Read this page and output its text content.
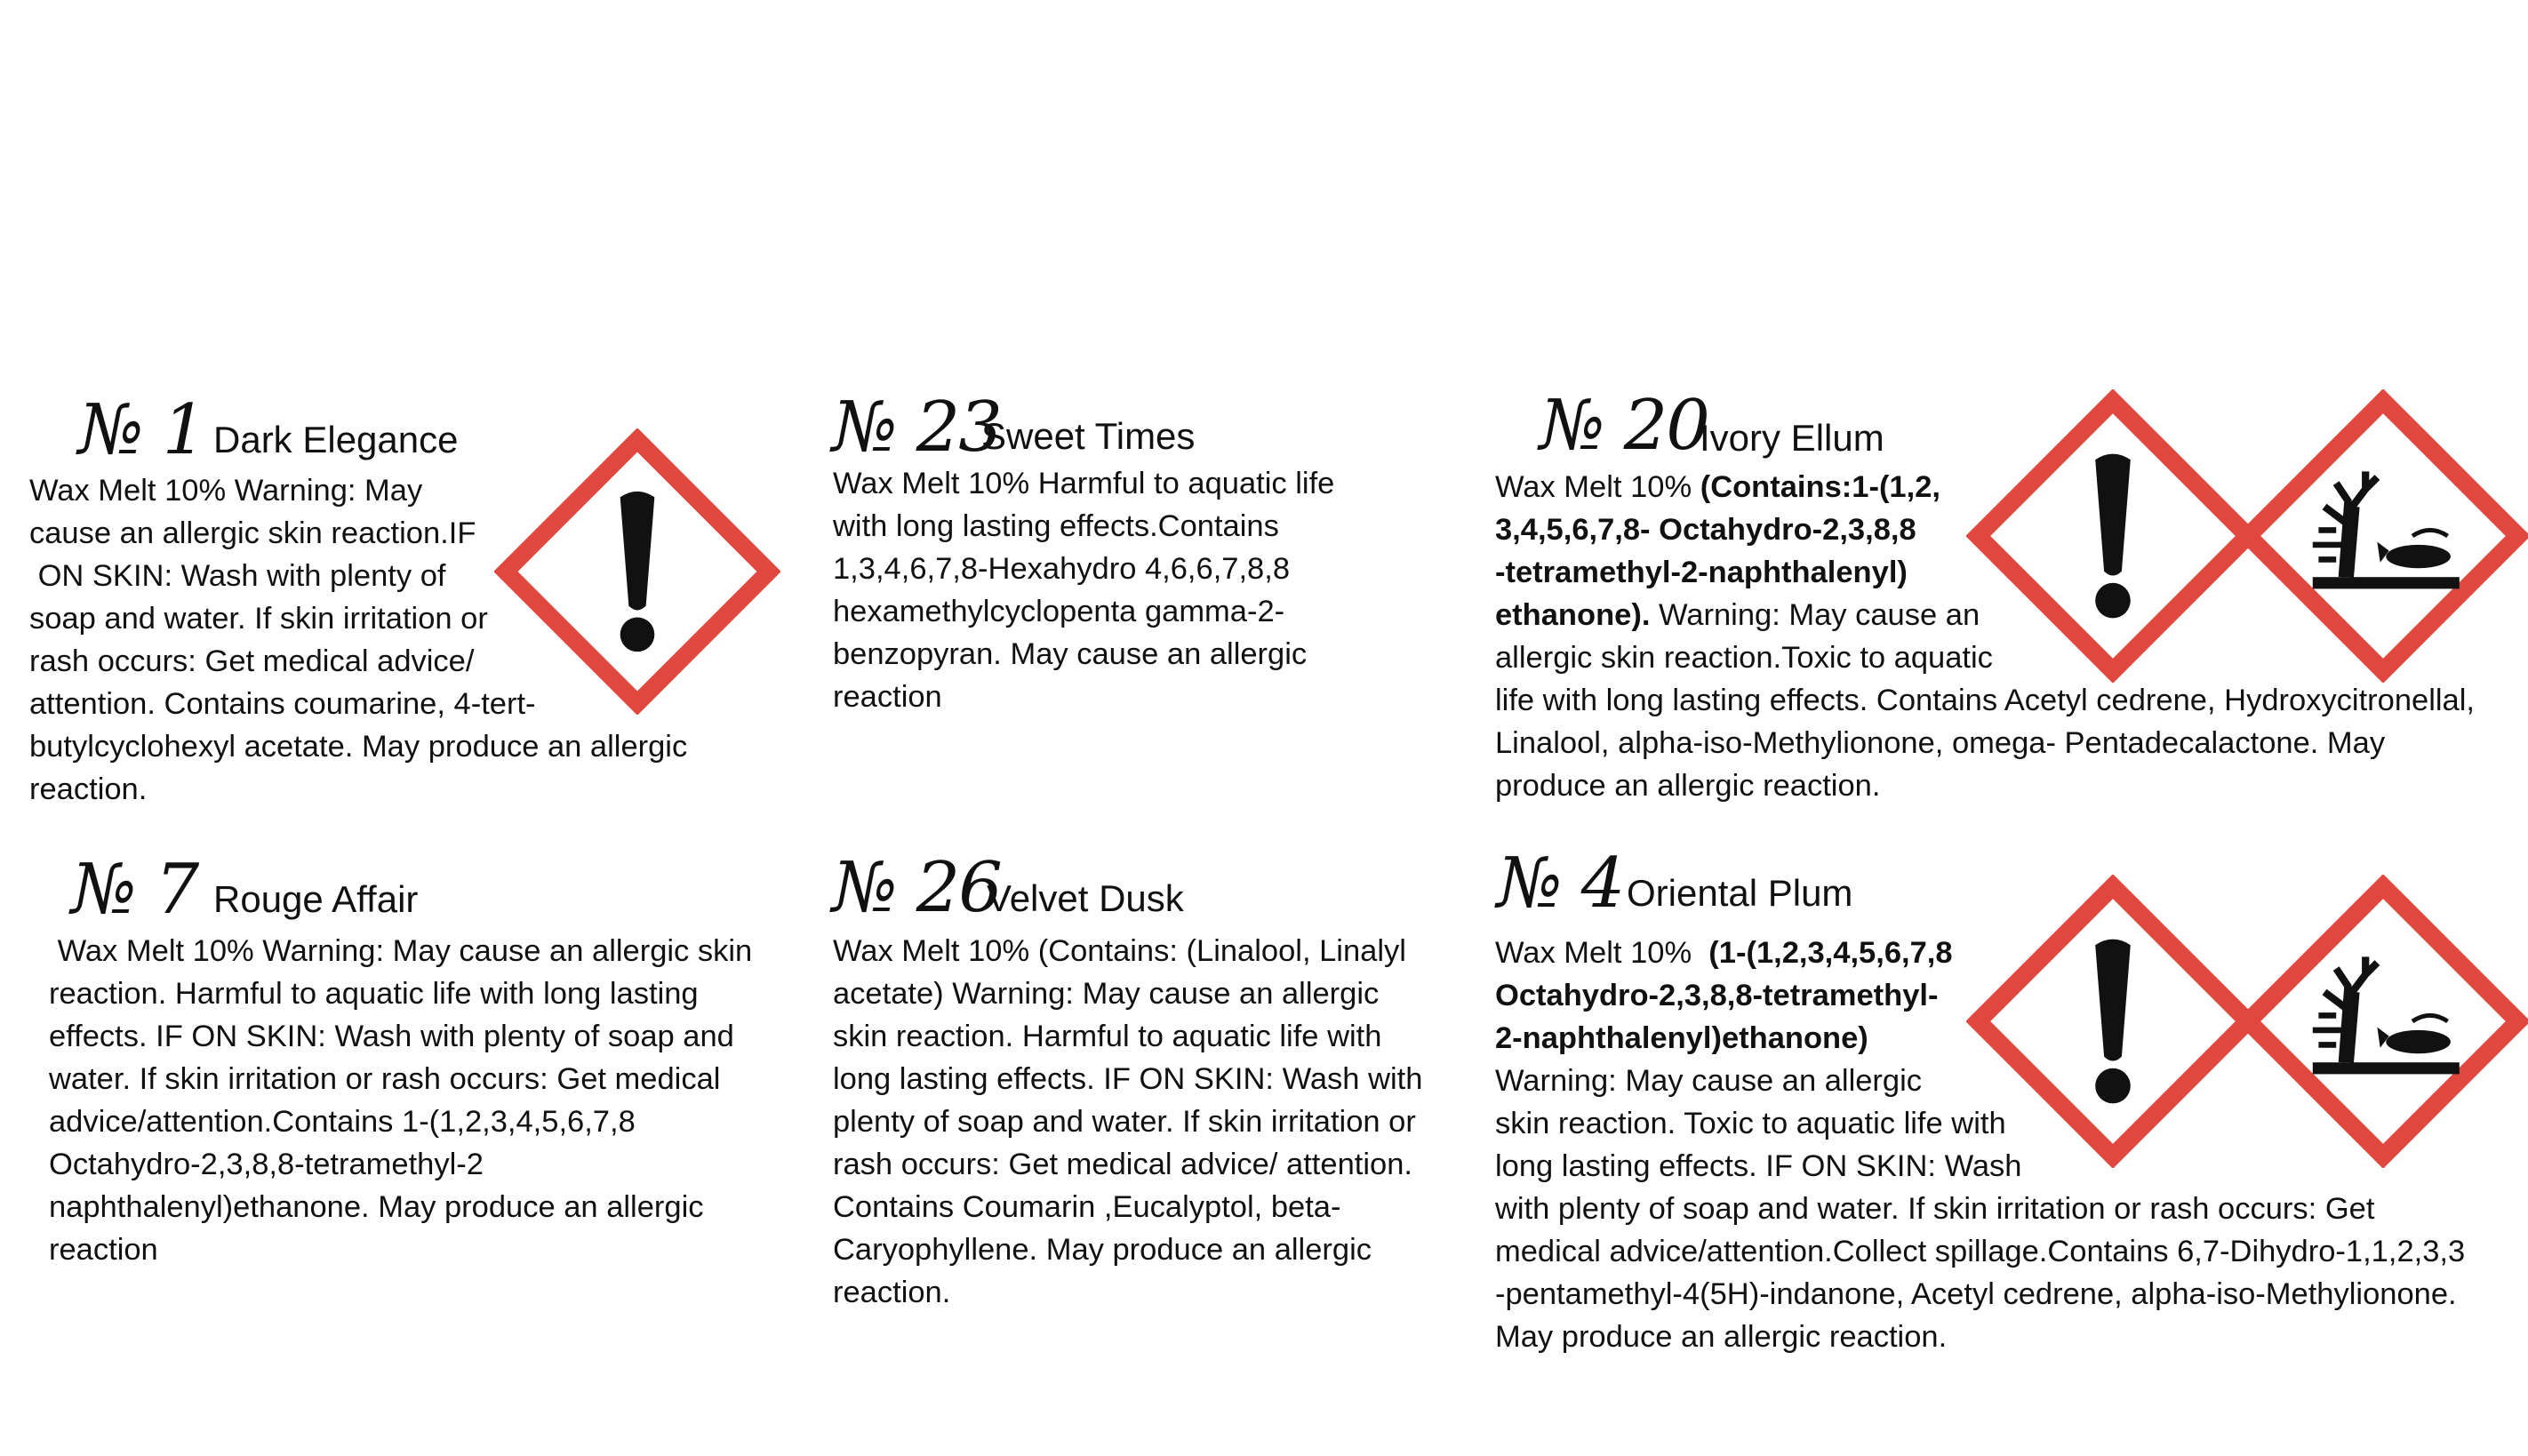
№ 1 Dark Elegance
Wax Melt 10% Warning: May
cause an allergic skin reaction.IF
ON SKIN: Wash with plenty of
soap and water. If skin irritation or
rash occurs: Get medical advice/
attention. Contains coumarine, 4-tert-
butylcyclohexyl acetate. May produce an allergic
reaction.
№ 23
Sweet Times
Wax Melt 10% Harmful to aquatic life
with long lasting effects.Contains
1,3,4,6,7,8-Hexahydro 4,6,6,7,8,8
hexamethylcyclopenta gamma-2-
benzopyran. May cause an allergic
reaction
№ 20
Ivory Ellum
Wax Melt 10% (Contains:1-(1,2,
3,4,5,6,7,8- Octahydro-2,3,8,8
-tetramethyl-2-naphthalenyl)
ethanone). Warning: May cause an
allergic skin reaction.Toxic to aquatic
life with long lasting effects. Contains Acetyl cedrene, Hydroxycitronellal,
Linalool, alpha-iso-Methylionone, omega- Pentadecalactone. May
produce an allergic reaction.
№ 7 Rouge Affair
Wax Melt 10% Warning: May cause an allergic skin
reaction. Harmful to aquatic life with long lasting
effects. IF ON SKIN: Wash with plenty of soap and
water. If skin irritation or rash occurs: Get medical
advice/attention.Contains 1-(1,2,3,4,5,6,7,8
Octahydro-2,3,8,8-tetramethyl-2
naphthalenyl)ethanone. May produce an allergic
reaction
№ 26
Velvet Dusk
Wax Melt 10% (Contains: (Linalool, Linalyl
acetate) Warning: May cause an allergic
skin reaction. Harmful to aquatic life with
long lasting effects. IF ON SKIN: Wash with
plenty of soap and water. If skin irritation or
rash occurs: Get medical advice/ attention.
Contains Coumarin ,Eucalyptol, beta-
Caryophyllene. May produce an allergic
reaction.
№ 4 Oriental Plum
Wax Melt 10%  (1-(1,2,3,4,5,6,7,8
Octahydro-2,3,8,8-tetramethyl-
2-naphthalenyl)ethanone)
Warning: May cause an allergic
skin reaction. Toxic to aquatic life with
long lasting effects. IF ON SKIN: Wash
with plenty of soap and water. If skin irritation or rash occurs: Get
medical advice/attention.Collect spillage.Contains 6,7-Dihydro-1,1,2,3,3
-pentamethyl-4(5H)-indanone, Acetyl cedrene, alpha-iso-Methylionone.
May produce an allergic reaction.
